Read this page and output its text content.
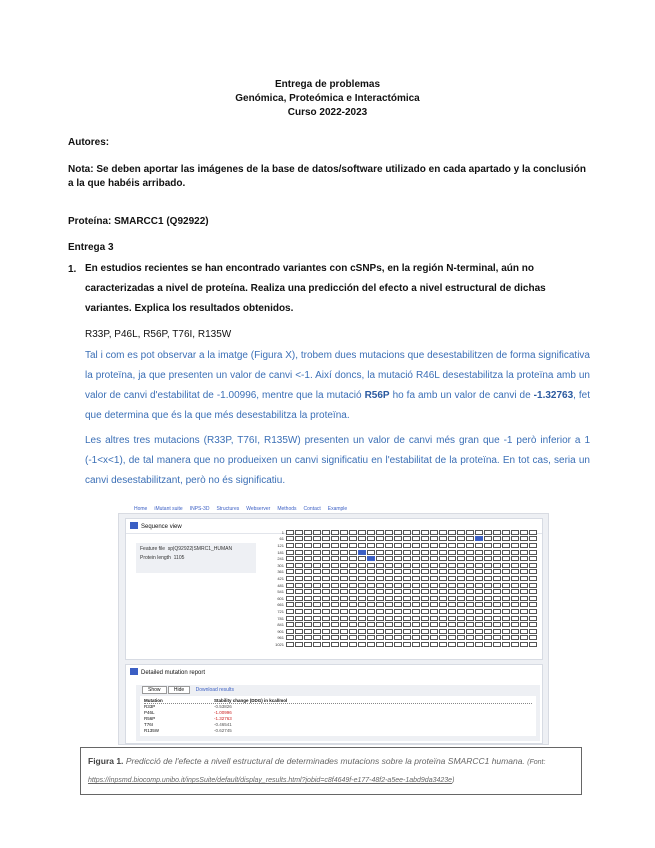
Entrega de problemas
Genómica, Proteómica e Interactómica
Curso 2022-2023
Autores:
Nota: Se deben aportar las imágenes de la base de datos/software utilizado en cada apartado y la conclusión a la que habéis arribado.
Proteína: SMARCC1 (Q92922)
Entrega 3
1. En estudios recientes se han encontrado variantes con cSNPs, en la región N-terminal, aún no caracterizadas a nivel de proteína. Realiza una predicción del efecto a nivel estructural de dichas variantes. Explica los resultados obtenidos.
R33P, P46L, R56P, T76I, R135W
Tal i com es pot observar a la imatge (Figura X), trobem dues mutacions que desestabilitzen de forma significativa la proteïna, ja que presenten un valor de canvi <-1. Així doncs, la mutació R46L desestabilitza la proteïna amb un valor de canvi d'estabilitat de -1.00996, mentre que la mutació R56P ho fa amb un valor de canvi de -1.32763, fet que determina que és la que més desestabilitza la proteïna.
Les altres tres mutacions (R33P, T76I, R135W) presenten un valor de canvi més gran que -1 però inferior a 1 (-1<x<1), de tal manera que no produeixen un canvi significatiu en l'estabilitat de la proteïna. En tot cas, seria un canvi desestabilitzant, però no és significatiu.
Home iMutant suite INPS-3D Structures Webserver Methods Contact Example
Sequence view
Feature file sp|Q92922|SMRC1_HUMAN
Protein length 1105
1
61
121
181
241
301
361
421
481
541
601
661
721
781
841
901
961
1021
Detailed mutation report
Show	Hide Download results
Mutation	Stability change (DDG) in kcal/mol
R33P	-0.53826
P46L	-1.00996
R56P	-1.32763
T76I	-0.46541
R135W	-0.62745
Figura 1. Predicció de l'efecte a nivell estructural de determinades mutacions sobre la proteïna SMARCC1 humana. (Font: https://inpsmd.biocomp.unibo.it/inpsSuite/default/display_results.html?jobid=c8f4649f-e177-48f2-a5ee-1abd9da3423e)
